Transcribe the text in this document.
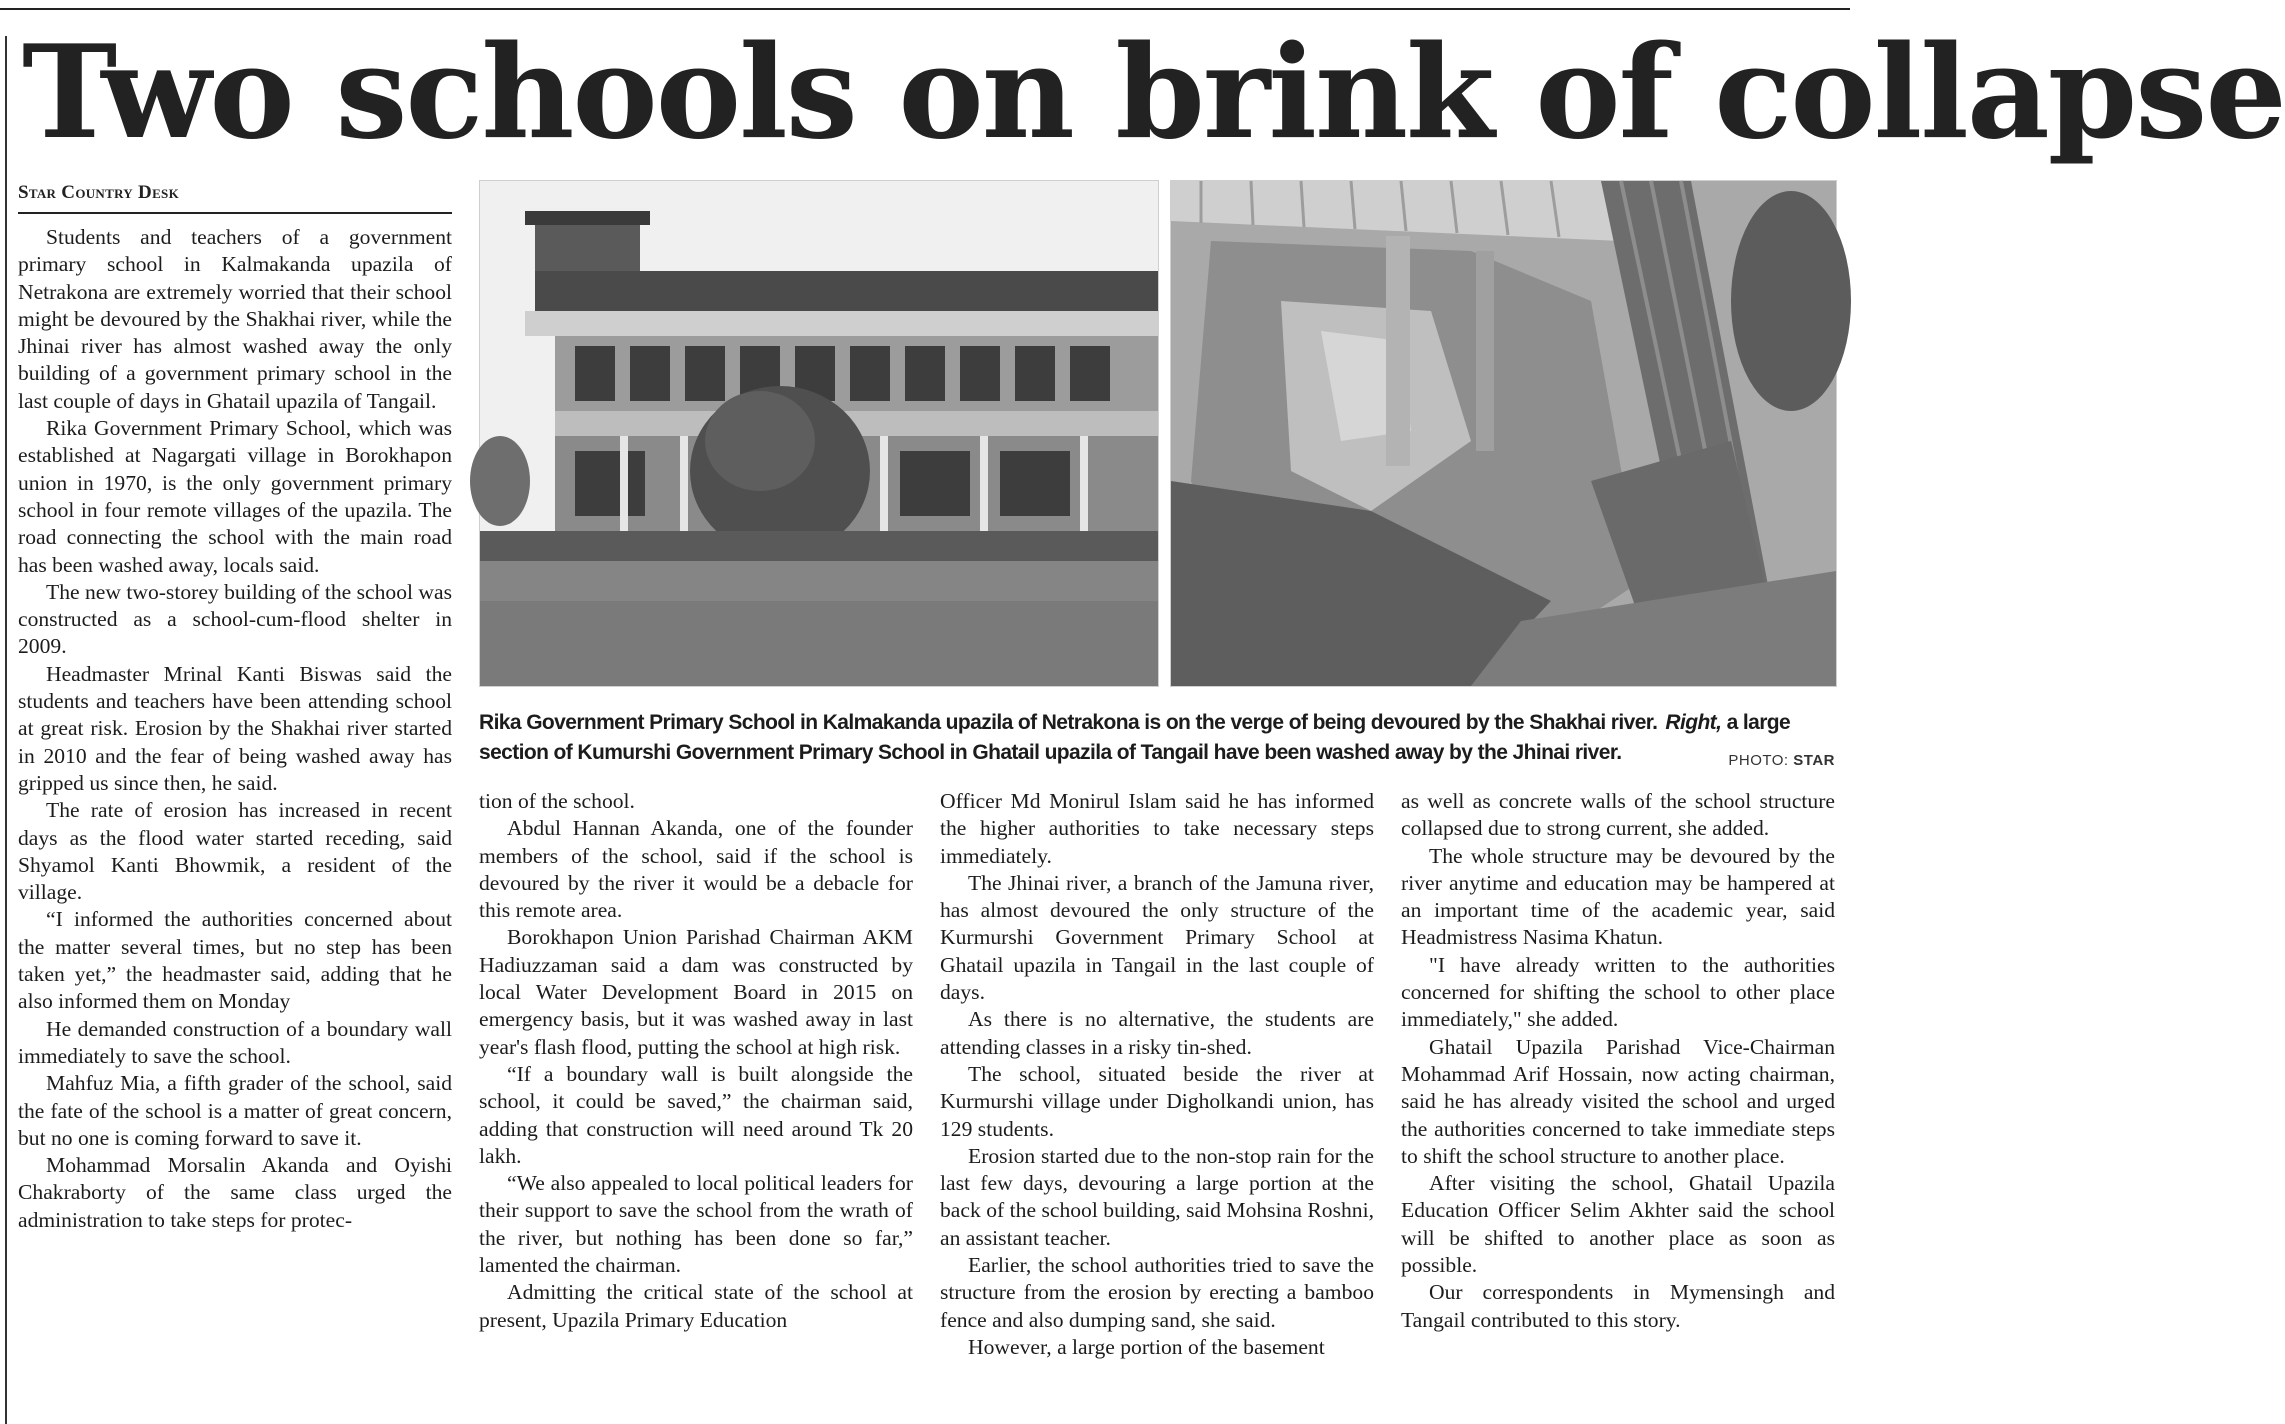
Two schools on brink of collapse
Star Country Desk
Rika Government Primary School in Kalmakanda upazila of Netrakona is on the verge of being devoured by the Shakhai river. Right, a large section of Kumurshi Government Primary School in Ghatail upazila of Tangail have been washed away by the Jhinai river.	PHOTO: STAR

Students and teachers of a government primary school in Kalmakanda upazila of Netrakona are extremely worried that their school might be devoured by the Shakhai river, while the Jhinai river has almost washed away the only building of a government primary school in the last couple of days in Ghatail upazila of Tangail.

Rika Government Primary School, which was established at Nagargati village in Borokhapon union in 1970, is the only government primary school in four remote villages of the upazila. The road connecting the school with the main road has been washed away, locals said.

The new two-storey building of the school was constructed as a school-cum-flood shelter in 2009.

Headmaster Mrinal Kanti Biswas said the students and teachers have been attending school at great risk. Erosion by the Shakhai river started in 2010 and the fear of being washed away has gripped us since then, he said.

The rate of erosion has increased in recent days as the flood water started receding, said Shyamol Kanti Bhowmik, a resident of the village.

“I informed the authorities concerned about the matter several times, but no step has been taken yet,” the headmaster said, adding that he also informed them on Monday

He demanded construction of a boundary wall immediately to save the school.

Mahfuz Mia, a fifth grader of the school, said the fate of the school is a matter of great concern, but no one is coming forward to save it.

Mohammad Morsalin Akanda and Oyishi Chakraborty of the same class urged the administration to take steps for protec-

tion of the school.

Abdul Hannan Akanda, one of the founder members of the school, said if the school is devoured by the river it would be a debacle for this remote area.

Borokhapon Union Parishad Chairman AKM Hadiuzzaman said a dam was constructed by local Water Development Board in 2015 on emergency basis, but it was washed away in last year's flash flood, putting the school at high risk.

“If a boundary wall is built alongside the school, it could be saved,” the chairman said, adding that construction will need around Tk 20 lakh.

“We also appealed to local political leaders for their support to save the school from the wrath of the river, but nothing has been done so far,” lamented the chairman.

Admitting the critical state of the school at present, Upazila Primary Education

Officer Md Monirul Islam said he has informed the higher authorities to take necessary steps immediately.

The Jhinai river, a branch of the Jamuna river, has almost devoured the only structure of the Kurmurshi Government Primary School at Ghatail upazila in Tangail in the last couple of days.

As there is no alternative, the students are attending classes in a risky tin-shed.

The school, situated beside the river at Kurmurshi village under Digholkandi union, has 129 students.

Erosion started due to the non-stop rain for the last few days, devouring a large portion at the back of the school building, said Mohsina Roshni, an assistant teacher.

Earlier, the school authorities tried to save the structure from the erosion by erecting a bamboo fence and also dumping sand, she said.

However, a large portion of the basement

as well as concrete walls of the school structure collapsed due to strong current, she added.

The whole structure may be devoured by the river anytime and education may be hampered at an important time of the academic year, said Headmistress Nasima Khatun.

"I have already written to the authorities concerned for shifting the school to other place immediately," she added.

Ghatail Upazila Parishad Vice-Chairman Mohammad Arif Hossain, now acting chairman, said he has already visited the school and urged the authorities concerned to take immediate steps to shift the school structure to another place.

After visiting the school, Ghatail Upazila Education Officer Selim Akhter said the school will be shifted to another place as soon as possible.

Our correspondents in Mymensingh and Tangail contributed to this story.
